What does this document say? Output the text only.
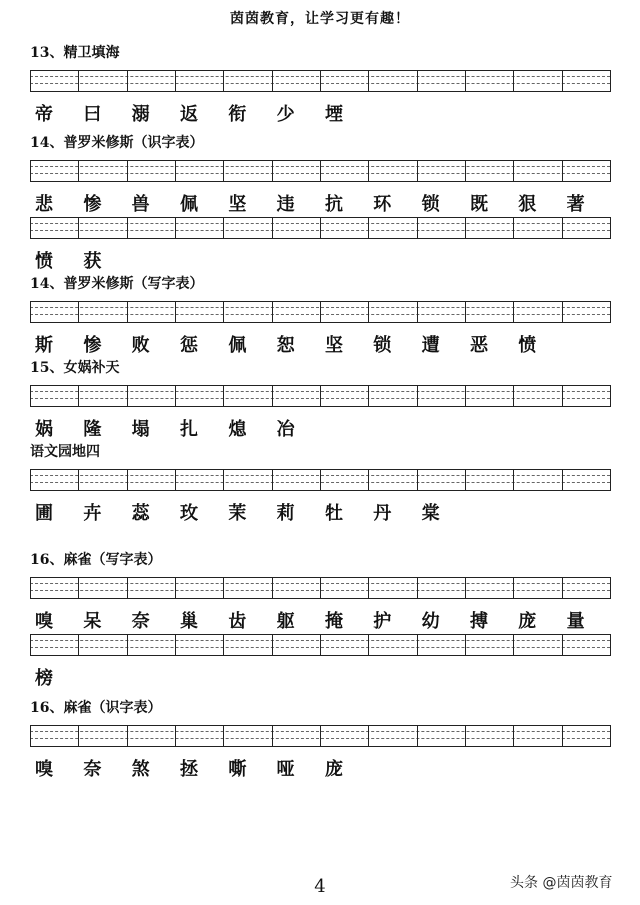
茵茵教育，让学习更有趣！
13、精卫填海
帝	曰	溺	返	衔	少	堙
14、普罗米修斯（识字表）
悲	惨	兽	佩	坚	违	抗	环	锁	既	狠	著
愤	获
14、普罗米修斯（写字表）
斯	惨	败	惩	佩	恕	坚	锁	遭	恶	愤
15、女娲补天
娲	隆	塌	扎	熄	冶
语文园地四
圃	卉	蕊	玫	茉	莉	牡	丹	棠
16、麻雀（写字表）
嗅	呆	奈	巢	齿	躯	掩	护	幼	搏	庞	量
榜
16、麻雀（识字表）
嗅	奈	煞	拯	嘶	哑	庞
4	头条 @茵茵教育
